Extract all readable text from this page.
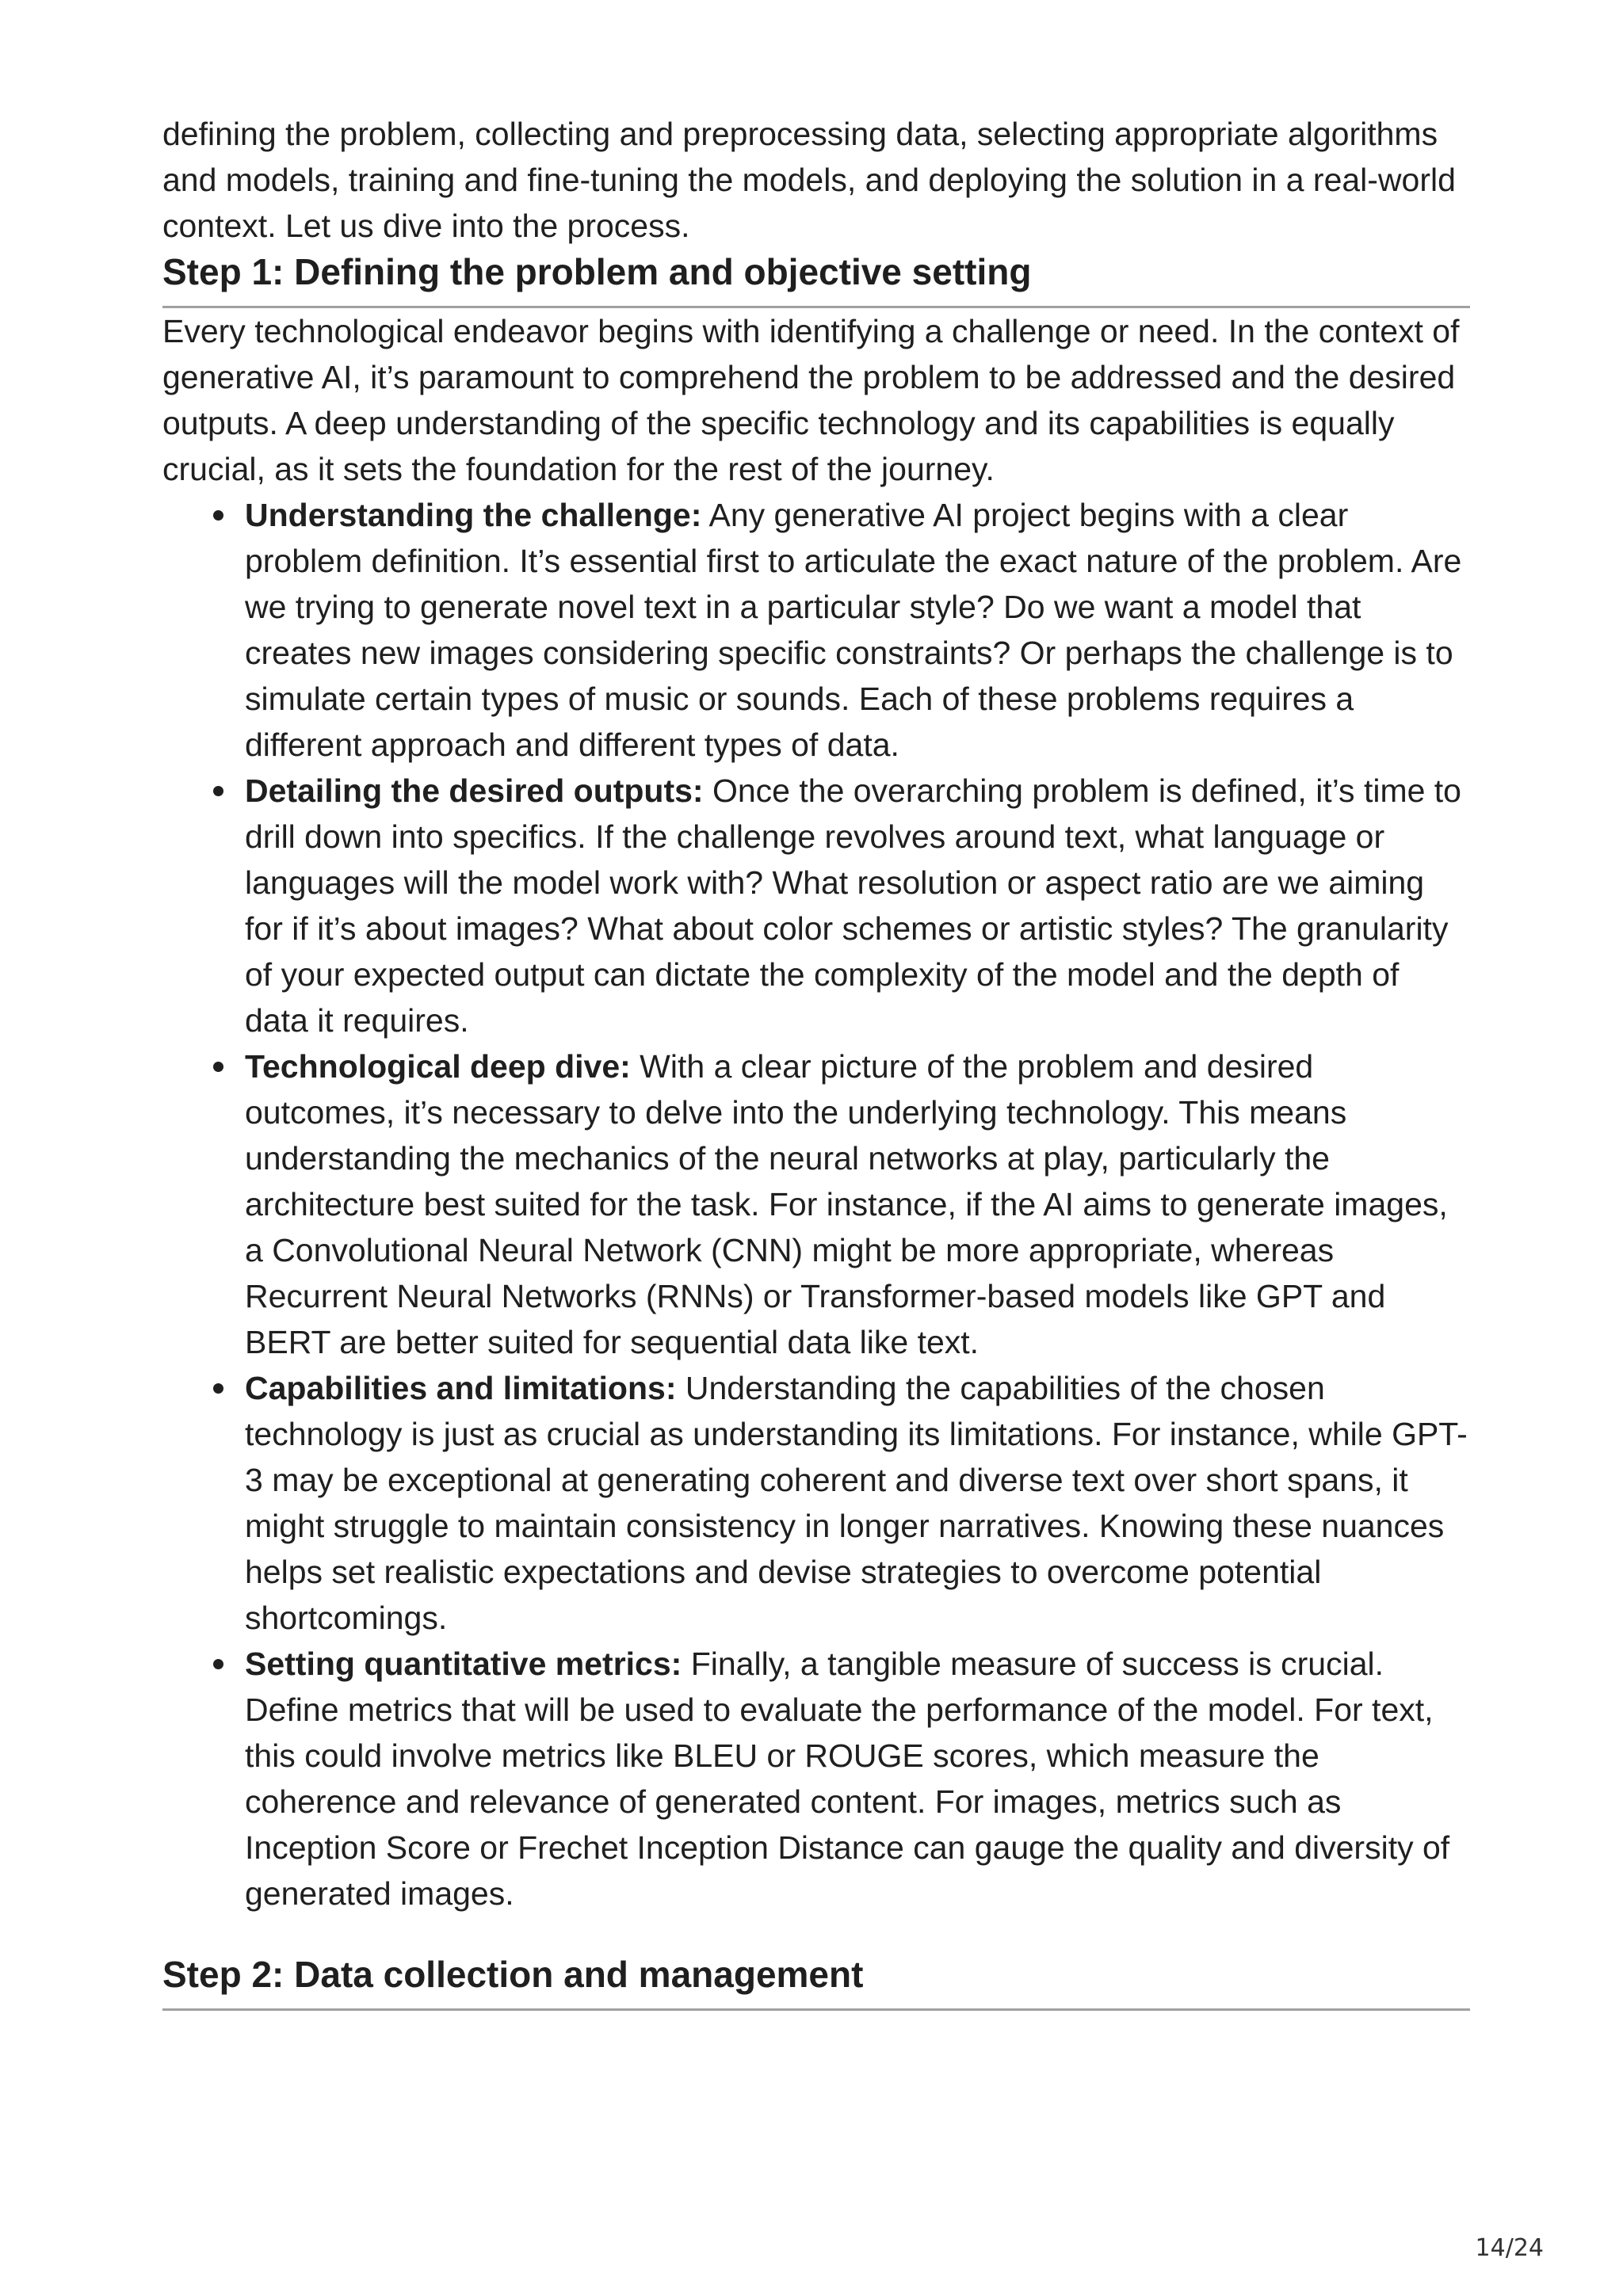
defining the problem, collecting and preprocessing data, selecting appropriate algorithms and models, training and fine-tuning the models, and deploying the solution in a real-world context. Let us dive into the process.

Step 1: Defining the problem and objective setting

Every technological endeavor begins with identifying a challenge or need. In the context of generative AI, it’s paramount to comprehend the problem to be addressed and the desired outputs. A deep understanding of the specific technology and its capabilities is equally crucial, as it sets the foundation for the rest of the journey.

Understanding the challenge: Any generative AI project begins with a clear problem definition. It’s essential first to articulate the exact nature of the problem. Are we trying to generate novel text in a particular style? Do we want a model that creates new images considering specific constraints? Or perhaps the challenge is to simulate certain types of music or sounds. Each of these problems requires a different approach and different types of data.
Detailing the desired outputs: Once the overarching problem is defined, it’s time to drill down into specifics. If the challenge revolves around text, what language or languages will the model work with? What resolution or aspect ratio are we aiming for if it’s about images? What about color schemes or artistic styles? The granularity of your expected output can dictate the complexity of the model and the depth of data it requires.
Technological deep dive: With a clear picture of the problem and desired outcomes, it’s necessary to delve into the underlying technology. This means understanding the mechanics of the neural networks at play, particularly the architecture best suited for the task. For instance, if the AI aims to generate images, a Convolutional Neural Network (CNN) might be more appropriate, whereas Recurrent Neural Networks (RNNs) or Transformer-based models like GPT and BERT are better suited for sequential data like text.
Capabilities and limitations: Understanding the capabilities of the chosen technology is just as crucial as understanding its limitations. For instance, while GPT-3 may be exceptional at generating coherent and diverse text over short spans, it might struggle to maintain consistency in longer narratives. Knowing these nuances helps set realistic expectations and devise strategies to overcome potential shortcomings.
Setting quantitative metrics: Finally, a tangible measure of success is crucial. Define metrics that will be used to evaluate the performance of the model. For text, this could involve metrics like BLEU or ROUGE scores, which measure the coherence and relevance of generated content. For images, metrics such as Inception Score or Frechet Inception Distance can gauge the quality and diversity of generated images.
Step 2: Data collection and management
14/24
